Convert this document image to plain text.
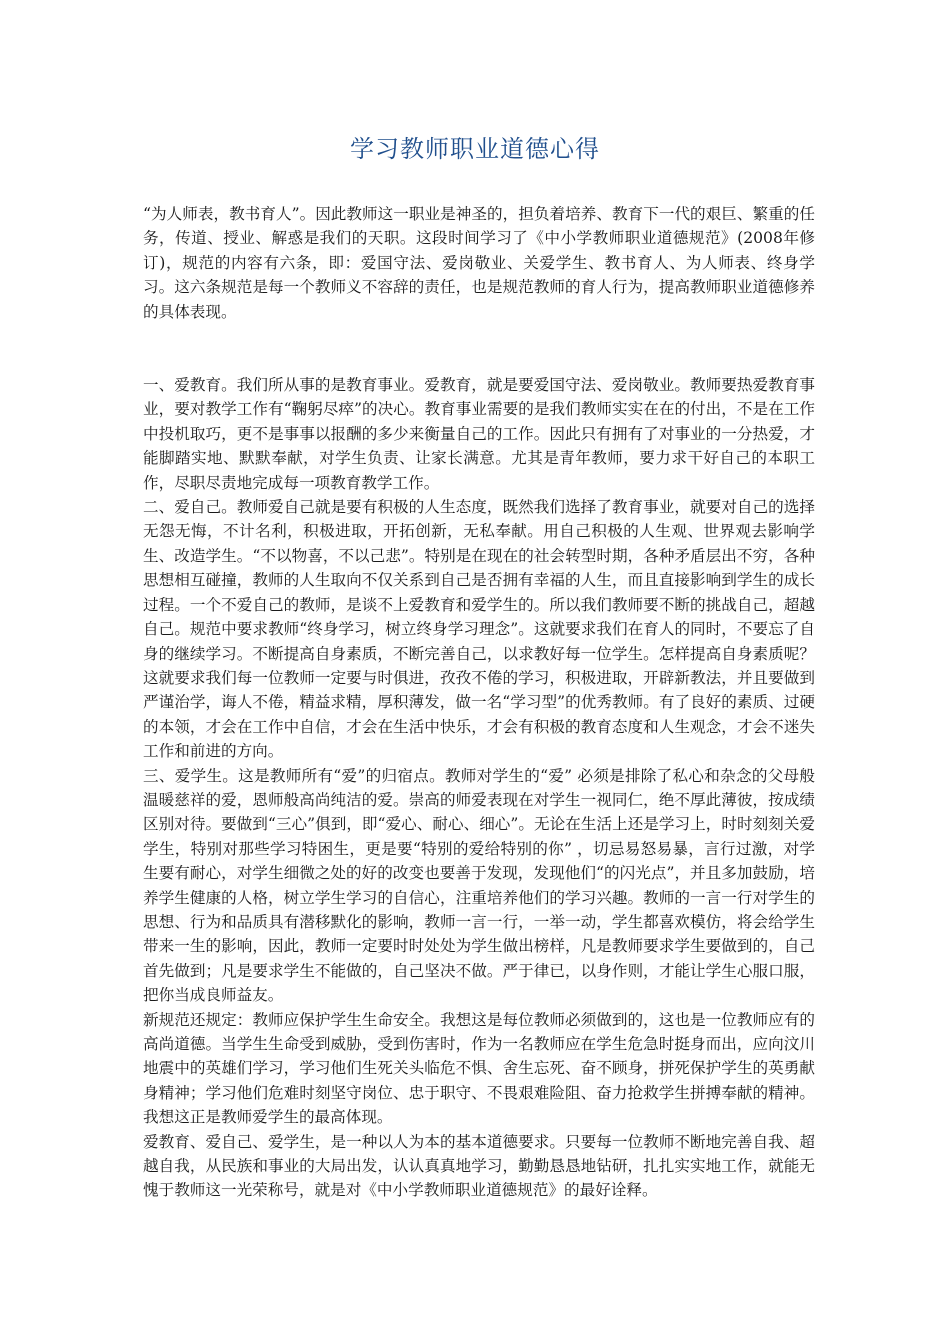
学习教师职业道德心得

“为人师表，教书育人”。因此教师这一职业是神圣的，担负着培养、教育下一代的艰巨、繁重的任务，传道、授业、解惑是我们的天职。这段时间学习了《中小学教师职业道德规范》(2008年修订)，规范的内容有六条，即：爱国守法、爱岗敬业、关爱学生、教书育人、为人师表、终身学习。这六条规范是每一个教师义不容辞的责任，也是规范教师的育人行为，提高教师职业道德修养的具体表现。

一、爱教育。我们所从事的是教育事业。爱教育，就是要爱国守法、爱岗敬业。教师要热爱教育事业，要对教学工作有“鞠躬尽瘁”的决心。教育事业需要的是我们教师实实在在的付出，不是在工作中投机取巧，更不是事事以报酬的多少来衡量自己的工作。因此只有拥有了对事业的一分热爱，才能脚踏实地、默默奉献，对学生负责、让家长满意。尤其是青年教师，要力求干好自己的本职工作，尽职尽责地完成每一项教育教学工作。

二、爱自己。教师爱自己就是要有积极的人生态度，既然我们选择了教育事业，就要对自己的选择无怨无悔，不计名利，积极进取，开拓创新，无私奉献。用自己积极的人生观、世界观去影响学生、改造学生。“不以物喜，不以己悲”。特别是在现在的社会转型时期，各种矛盾层出不穷，各种思想相互碰撞，教师的人生取向不仅关系到自己是否拥有幸福的人生，而且直接影响到学生的成长过程。一个不爱自己的教师，是谈不上爱教育和爱学生的。所以我们教师要不断的挑战自己，超越自己。规范中要求教师“终身学习，树立终身学习理念”。这就要求我们在育人的同时，不要忘了自身的继续学习。不断提高自身素质，不断完善自己，以求教好每一位学生。怎样提高自身素质呢？这就要求我们每一位教师一定要与时俱进，孜孜不倦的学习，积极进取，开辟新教法，并且要做到严谨治学，诲人不倦，精益求精，厚积薄发，做一名“学习型”的优秀教师。有了良好的素质、过硬的本领，才会在工作中自信，才会在生活中快乐，才会有积极的教育态度和人生观念，才会不迷失工作和前进的方向。

三、爱学生。这是教师所有“爱”的归宿点。教师对学生的“爱” 必须是排除了私心和杂念的父母般温暖慈祥的爱，恩师般高尚纯洁的爱。崇高的师爱表现在对学生一视同仁，绝不厚此薄彼，按成绩区别对待。要做到“三心”俱到，即“爱心、耐心、细心”。无论在生活上还是学习上，时时刻刻关爱学生，特别对那些学习特困生，更是要“特别的爱给特别的你” ，切忌易怒易暴，言行过激，对学生要有耐心，对学生细微之处的好的改变也要善于发现，发现他们“的闪光点”，并且多加鼓励，培养学生健康的人格，树立学生学习的自信心，注重培养他们的学习兴趣。教师的一言一行对学生的思想、行为和品质具有潜移默化的影响，教师一言一行，一举一动，学生都喜欢模仿，将会给学生带来一生的影响，因此，教师一定要时时处处为学生做出榜样，凡是教师要求学生要做到的，自己首先做到；凡是要求学生不能做的，自己坚决不做。严于律已，以身作则，才能让学生心服口服，把你当成良师益友。

新规范还规定：教师应保护学生生命安全。我想这是每位教师必须做到的，这也是一位教师应有的高尚道德。当学生生命受到威胁，受到伤害时，作为一名教师应在学生危急时挺身而出，应向汶川地震中的英雄们学习，学习他们生死关头临危不惧、舍生忘死、奋不顾身，拼死保护学生的英勇献身精神；学习他们危难时刻坚守岗位、忠于职守、不畏艰难险阻、奋力抢救学生拼搏奉献的精神。我想这正是教师爱学生的最高体现。

爱教育、爱自己、爱学生，是一种以人为本的基本道德要求。只要每一位教师不断地完善自我、超越自我，从民族和事业的大局出发，认认真真地学习，勤勤恳恳地钻研，扎扎实实地工作，就能无愧于教师这一光荣称号，就是对《中小学教师职业道德规范》的最好诠释。
